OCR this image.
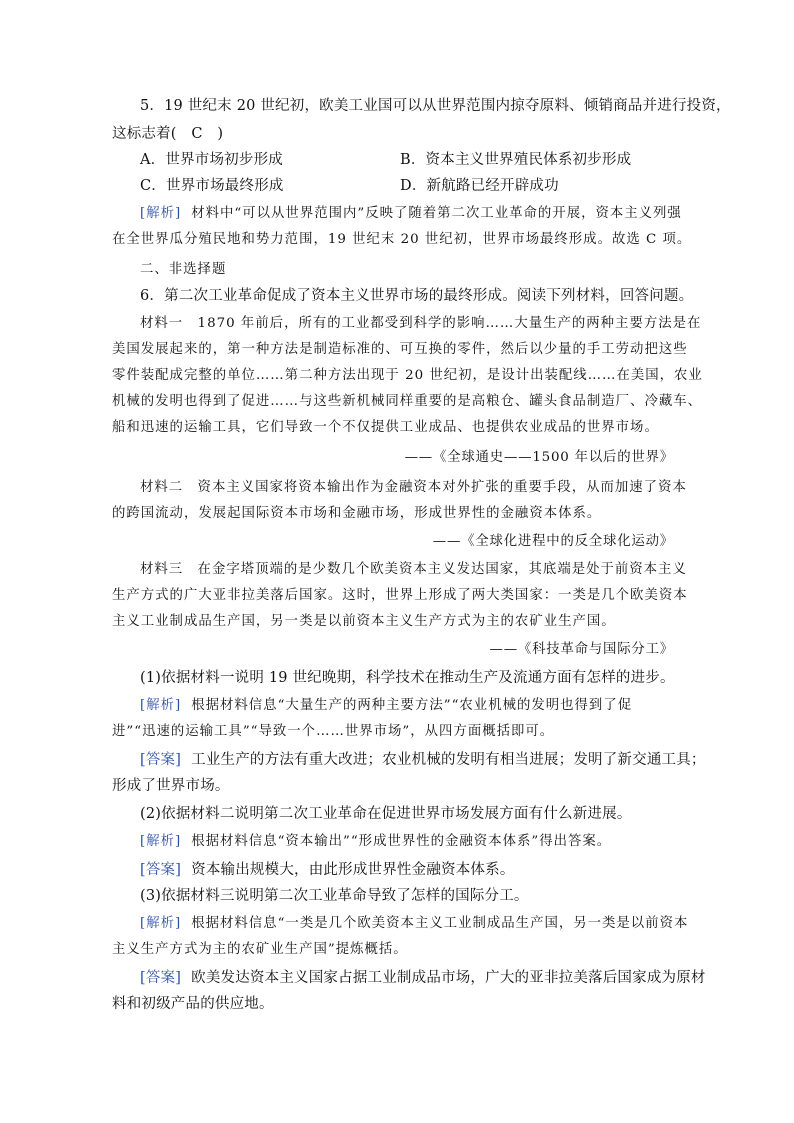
5．19 世纪末 20 世纪初，欧美工业国可以从世界范围内掠夺原料、倾销商品并进行投资，
这标志着(　C　)
A．世界市场初步形成	B．资本主义世界殖民体系初步形成
C．世界市场最终形成	D．新航路已经开辟成功
[解析] 材料中“可以从世界范围内”反映了随着第二次工业革命的开展，资本主义列强
在全世界瓜分殖民地和势力范围，19 世纪末 20 世纪初，世界市场最终形成。故选 C 项。
二、非选择题
6．第二次工业革命促成了资本主义世界市场的最终形成。阅读下列材料，回答问题。
材料一　1870 年前后，所有的工业都受到科学的影响……大量生产的两种主要方法是在
美国发展起来的，第一种方法是制造标准的、可互换的零件，然后以少量的手工劳动把这些
零件装配成完整的单位……第二种方法出现于 20 世纪初，是设计出装配线……在美国，农业
机械的发明也得到了促进……与这些新机械同样重要的是高粮仓、罐头食品制造厂、冷藏车、
船和迅速的运输工具，它们导致一个不仅提供工业成品、也提供农业成品的世界市场。
——《全球通史——1500 年以后的世界》
材料二　资本主义国家将资本输出作为金融资本对外扩张的重要手段，从而加速了资本
的跨国流动，发展起国际资本市场和金融市场，形成世界性的金融资本体系。
——《全球化进程中的反全球化运动》
材料三　在金字塔顶端的是少数几个欧美资本主义发达国家，其底端是处于前资本主义
生产方式的广大亚非拉美落后国家。这时，世界上形成了两大类国家：一类是几个欧美资本
主义工业制成品生产国，另一类是以前资本主义生产方式为主的农矿业生产国。
——《科技革命与国际分工》
(1)依据材料一说明 19 世纪晚期，科学技术在推动生产及流通方面有怎样的进步。
[解析] 根据材料信息“大量生产的两种主要方法”“农业机械的发明也得到了促
进”“迅速的运输工具”“导致一个……世界市场”，从四方面概括即可。
[答案] 工业生产的方法有重大改进；农业机械的发明有相当进展；发明了新交通工具；
形成了世界市场。
(2)依据材料二说明第二次工业革命在促进世界市场发展方面有什么新进展。
[解析] 根据材料信息“资本输出”“形成世界性的金融资本体系”得出答案。
[答案] 资本输出规模大，由此形成世界性金融资本体系。
(3)依据材料三说明第二次工业革命导致了怎样的国际分工。
[解析] 根据材料信息“一类是几个欧美资本主义工业制成品生产国，另一类是以前资本
主义生产方式为主的农矿业生产国”提炼概括。
[答案] 欧美发达资本主义国家占据工业制成品市场，广大的亚非拉美落后国家成为原材
料和初级产品的供应地。
